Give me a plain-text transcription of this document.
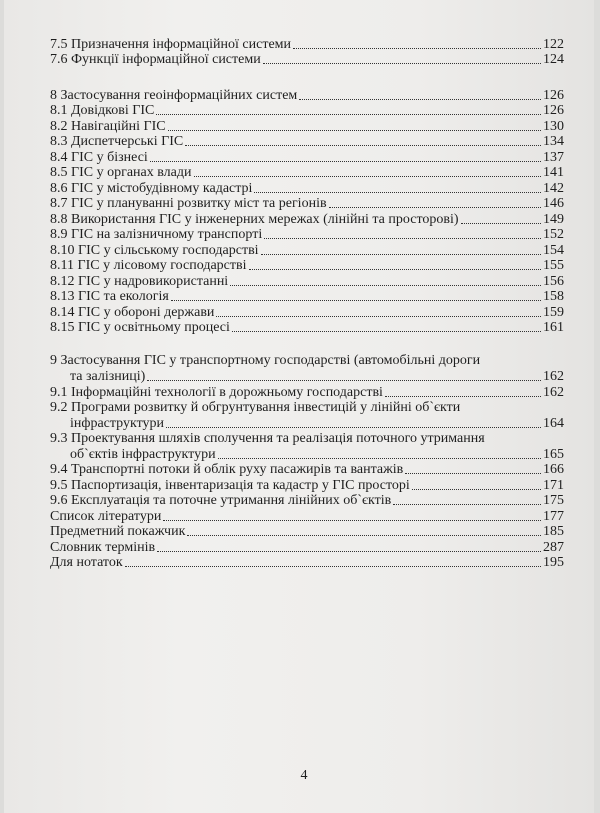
7.5 Призначення інформаційної системи	122
7.6 Функції інформаційної системи	124
8 Застосування геоінформаційних систем	126
8.1 Довідкові ГІС	126
8.2 Навігаційні ГІС	130
8.3 Диспетчерські ГІС	134
8.4 ГІС у бізнесі	137
8.5 ГІС у органах влади	141
8.6 ГІС у містобудівному кадастрі	142
8.7 ГІС у плануванні розвитку міст та регіонів	146
8.8 Використання ГІС у інженерних мережах (лінійні та просторові)	149
8.9 ГІС на залізничному транспорті	152
8.10 ГІС у сільському господарстві	154
8.11 ГІС у лісовому господарстві	155
8.12 ГІС у надровикористанні	156
8.13 ГІС та екологія	158
8.14 ГІС у обороні держави	159
8.15 ГІС у освітньому процесі	161
9 Застосування ГІС у транспортному господарстві (автомобільні дороги
та залізниці)	162
9.1 Інформаційні технології в дорожньому господарстві	162
9.2 Програми розвитку й обгрунтування інвестицій у лінійні об`єкти
інфраструктури	164
9.3 Проектування шляхів сполучення та реалізація поточного утримання
об`єктів інфраструктури	165
9.4 Транспортні потоки й облік руху пасажирів та вантажів	166
9.5 Паспортизація, інвентаризація та кадастр у ГІС просторі	171
9.6 Експлуатація та поточне утримання лінійних об`єктів	175
Список літератури	177
Предметний покажчик	185
Словник термінів	287
Для нотаток	195
4
